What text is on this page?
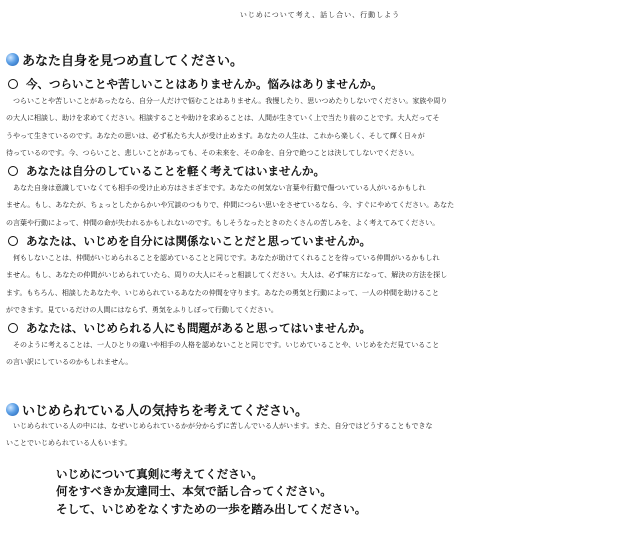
いじめについて考え、話し合い、行動しよう
あなた自身を見つめ直してください。
今、つらいことや苦しいことはありませんか。悩みはありませんか。
　つらいことや苦しいことがあったなら、自分一人だけで悩むことはありません。我慢したり、思いつめたりしないでください。家族や周り
の大人に相談し、助けを求めてください。相談することや助けを求めることは、人間が生きていく上で当たり前のことです。大人だってそ
うやって生きているのです。あなたの思いは、必ず私たち大人が受け止めます。あなたの人生は、これから楽しく、そして輝く日々が
待っているのです。今、つらいこと、悲しいことがあっても、その未来を、その命を、自分で絶つことは決してしないでください。
あなたは自分のしていることを軽く考えてはいませんか。
　あなた自身は意識していなくても相手の受け止め方はさまざまです。あなたの何気ない言葉や行動で傷ついている人がいるかもしれ
ません。もし、あなたが、ちょっとしたからかいや冗談のつもりで、仲間につらい思いをさせているなら、今、すぐにやめてください。あなた
の言葉や行動によって、仲間の命が失われるかもしれないのです。もしそうなったときのたくさんの苦しみを、よく考えてみてください。
あなたは、いじめを自分には関係ないことだと思っていませんか。
　何もしないことは、仲間がいじめられることを認めていることと同じです。あなたが助けてくれることを待っている仲間がいるかもしれ
ません。もし、あなたの仲間がいじめられていたら、周りの大人にそっと相談してください。大人は、必ず味方になって、解決の方法を探し
ます。もちろん、相談したあなたや、いじめられているあなたの仲間を守ります。あなたの勇気と行動によって、一人の仲間を助けること
ができます。見ているだけの人間にはならず、勇気をふりしぼって行動してください。
あなたは、いじめられる人にも問題があると思ってはいませんか。
　そのように考えることは、一人ひとりの違いや相手の人格を認めないことと同じです。いじめていることや、いじめをただ見ていること
の言い訳にしているのかもしれません。
いじめられている人の気持ちを考えてください。
　いじめられている人の中には、なぜいじめられているかが分からずに苦しんでいる人がいます。また、自分ではどうすることもできな
いことでいじめられている人もいます。
いじめについて真剣に考えてください。
何をすべきか友達同士、本気で話し合ってください。
そして、いじめをなくすための一歩を踏み出してください。
